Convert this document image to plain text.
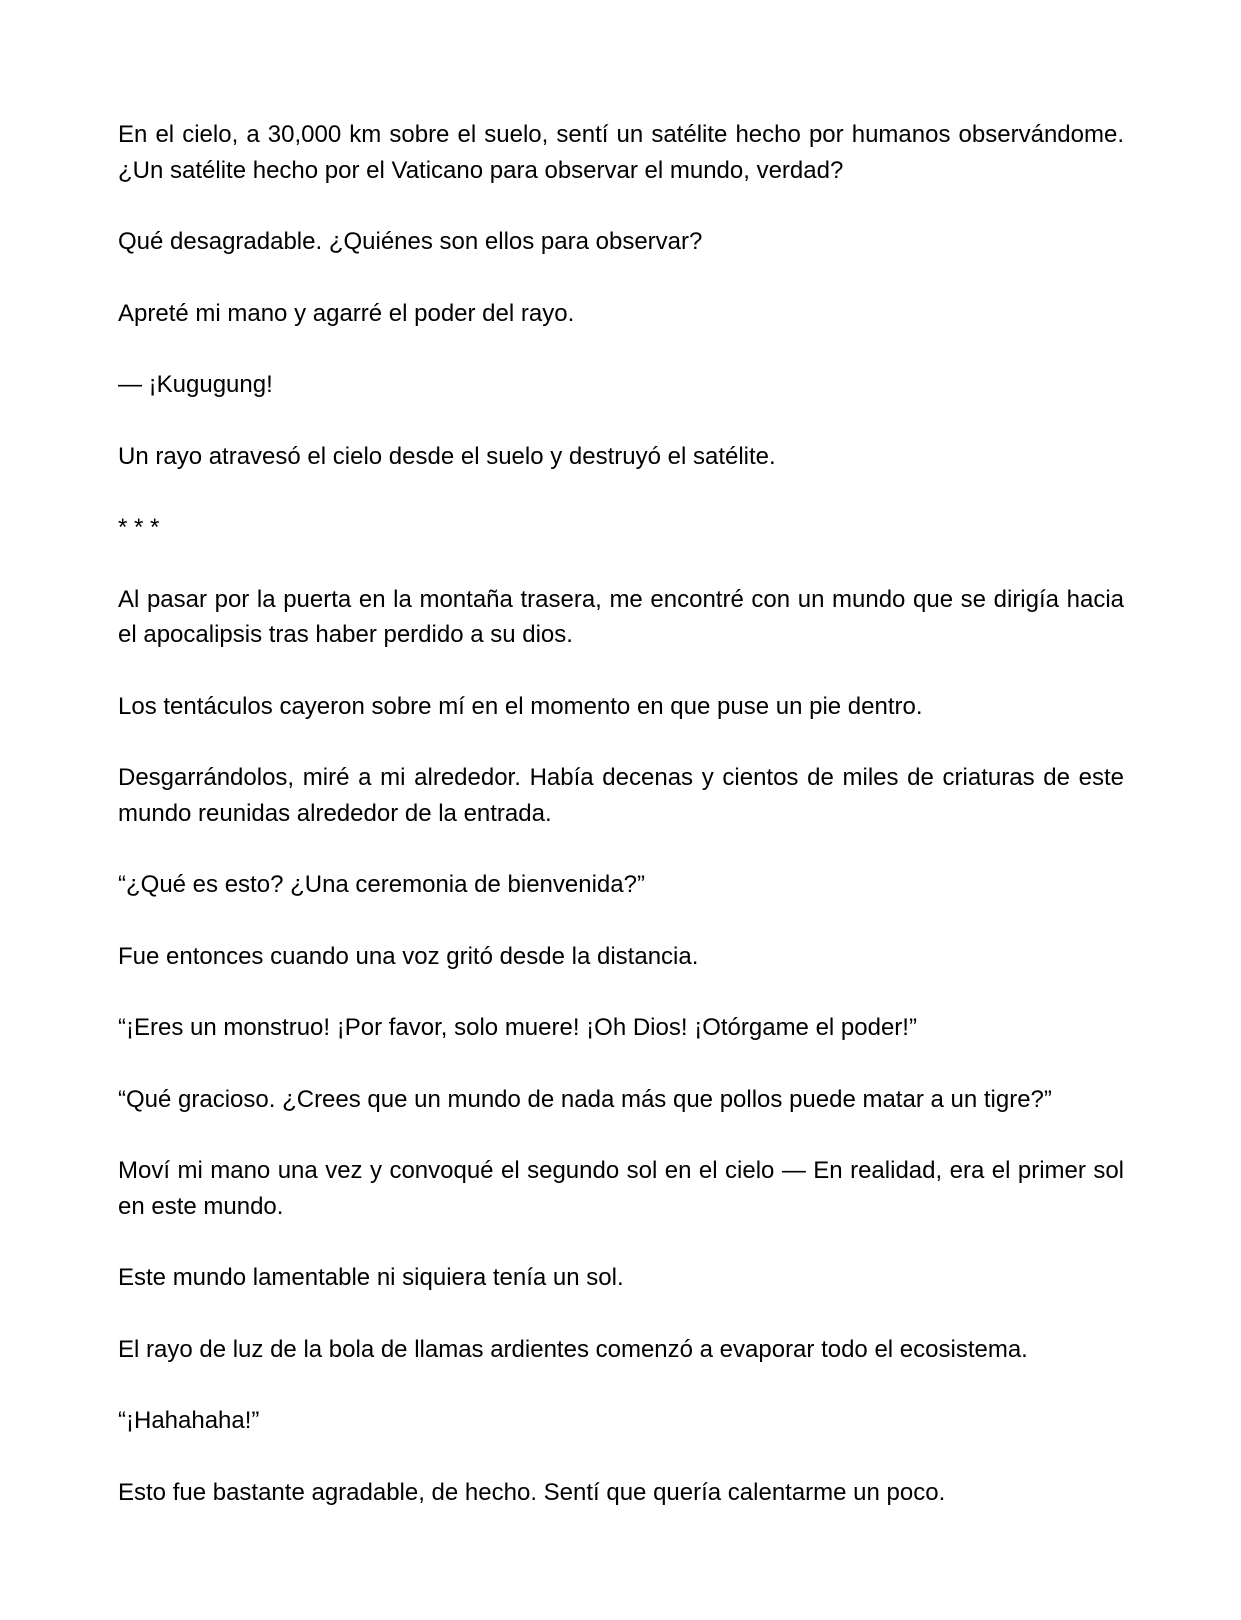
En el cielo, a 30,000 km sobre el suelo, sentí un satélite hecho por humanos observándome. ¿Un satélite hecho por el Vaticano para observar el mundo, verdad?

Qué desagradable. ¿Quiénes son ellos para observar?

Apreté mi mano y agarré el poder del rayo.

— ¡Kugugung!

Un rayo atravesó el cielo desde el suelo y destruyó el satélite.

* * *

Al pasar por la puerta en la montaña trasera, me encontré con un mundo que se dirigía hacia el apocalipsis tras haber perdido a su dios.

Los tentáculos cayeron sobre mí en el momento en que puse un pie dentro.

Desgarrándolos, miré a mi alrededor. Había decenas y cientos de miles de criaturas de este mundo reunidas alrededor de la entrada.

“¿Qué es esto? ¿Una ceremonia de bienvenida?”

Fue entonces cuando una voz gritó desde la distancia.

“¡Eres un monstruo! ¡Por favor, solo muere! ¡Oh Dios! ¡Otórgame el poder!”

“Qué gracioso. ¿Crees que un mundo de nada más que pollos puede matar a un tigre?”

Moví mi mano una vez y convoqué el segundo sol en el cielo — En realidad, era el primer sol en este mundo.

Este mundo lamentable ni siquiera tenía un sol.

El rayo de luz de la bola de llamas ardientes comenzó a evaporar todo el ecosistema.

“¡Hahahaha!”

Esto fue bastante agradable, de hecho. Sentí que quería calentarme un poco.
